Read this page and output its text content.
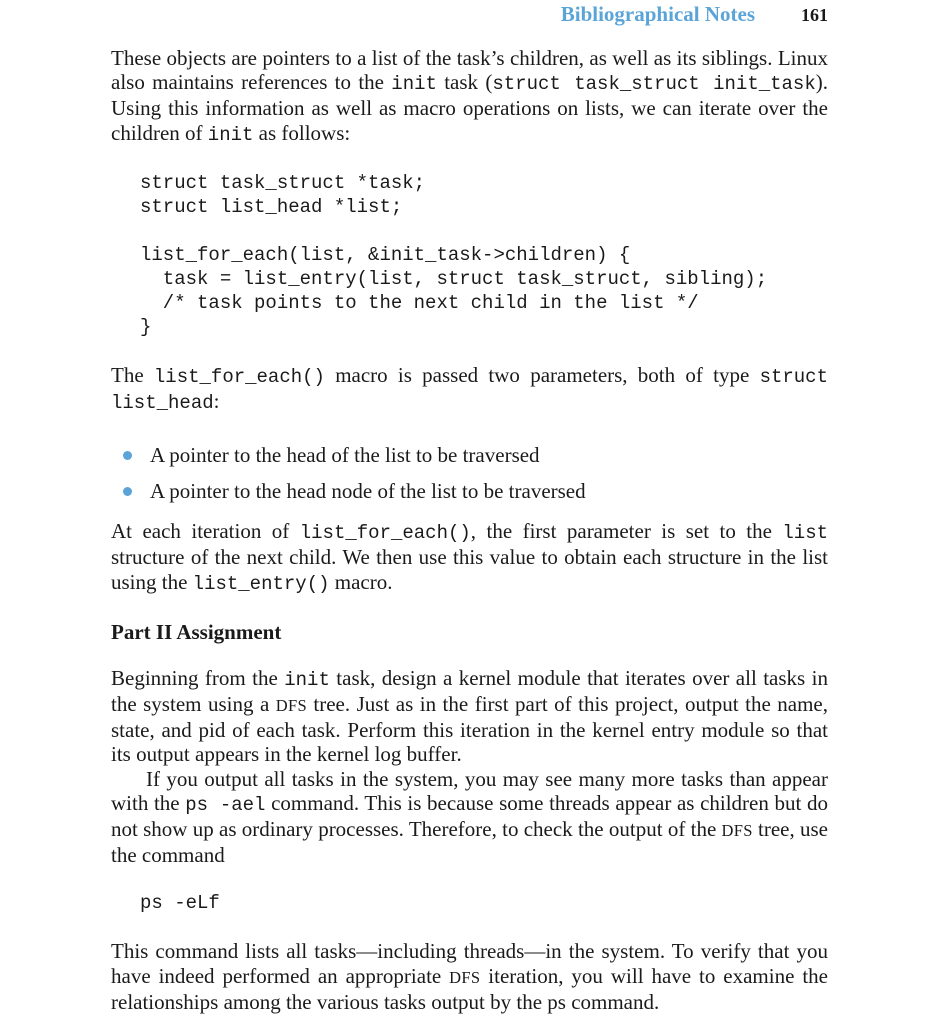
Bibliographical Notes	161

These objects are pointers to a list of the task’s children, as well as its siblings. Linux also maintains references to the init task (struct task_struct init_task). Using this information as well as macro operations on lists, we can iterate over the children of init as follows:

struct task_struct *task;
struct list_head *list;

list_for_each(list, &init_task->children) {
task = list_entry(list, struct task_struct, sibling);
/* task points to the next child in the list */
}

The list_for_each() macro is passed two parameters, both of type struct list_head:

A pointer to the head of the list to be traversed
A pointer to the head node of the list to be traversed

At each iteration of list_for_each(), the first parameter is set to the list structure of the next child. We then use this value to obtain each structure in the list using the list_entry() macro.

Part II Assignment

Beginning from the init task, design a kernel module that iterates over all tasks in the system using a DFS tree. Just as in the first part of this project, output the name, state, and pid of each task. Perform this iteration in the kernel entry module so that its output appears in the kernel log buffer.

If you output all tasks in the system, you may see many more tasks than appear with the ps -ael command. This is because some threads appear as children but do not show up as ordinary processes. Therefore, to check the output of the DFS tree, use the command

ps -eLf

This command lists all tasks—including threads—in the system. To verify that you have indeed performed an appropriate DFS iteration, you will have to examine the relationships among the various tasks output by the ps command.
